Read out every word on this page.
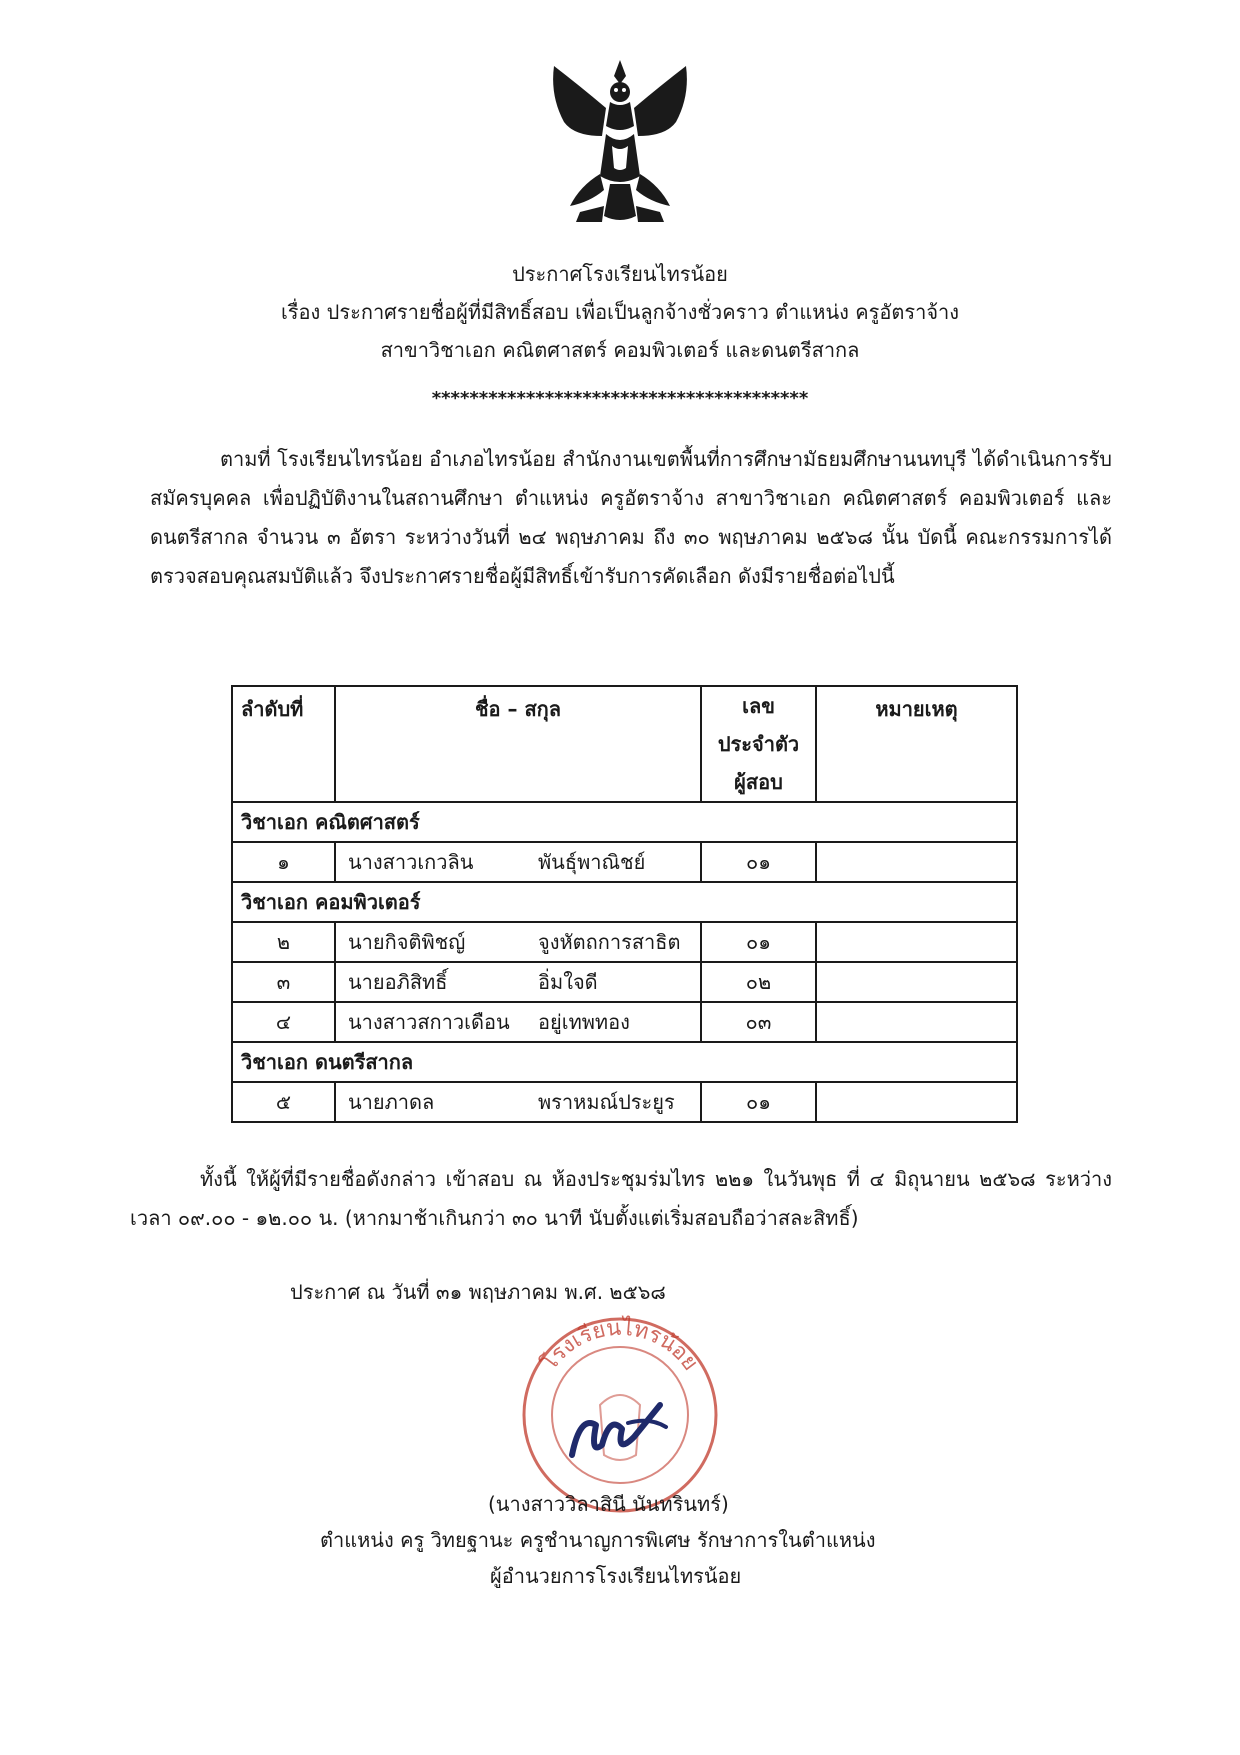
ประกาศโรงเรียนไทรน้อย
เรื่อง ประกาศรายชื่อผู้ที่มีสิทธิ์สอบ เพื่อเป็นลูกจ้างชั่วคราว ตำแหน่ง ครูอัตราจ้าง
สาขาวิชาเอก คณิตศาสตร์ คอมพิวเตอร์ และดนตรีสากล
****************************************
ตามที่ โรงเรียนไทรน้อย อำเภอไทรน้อย สำนักงานเขตพื้นที่การศึกษามัธยมศึกษานนทบุรี ได้ดำเนินการรับสมัครบุคคล เพื่อปฏิบัติงานในสถานศึกษา ตำแหน่ง ครูอัตราจ้าง สาขาวิชาเอก คณิตศาสตร์ คอมพิวเตอร์ และดนตรีสากล จำนวน ๓ อัตรา ระหว่างวันที่ ๒๔ พฤษภาคม ถึง ๓๐ พฤษภาคม ๒๕๖๘ นั้น บัดนี้ คณะกรรมการได้ตรวจสอบคุณสมบัติแล้ว จึงประกาศรายชื่อผู้มีสิทธิ์เข้ารับการคัดเลือก ดังมีรายชื่อต่อไปนี้
ลำดับที่	ชื่อ – สกุล	เลข
ประจำตัว
ผู้สอบ	หมายเหตุ
วิชาเอก คณิตศาสตร์			
๑	นางสาวเกวลิน พันธุ์พาณิชย์	๐๑	
วิชาเอก คอมพิวเตอร์			
๒	นายกิจติพิชญ์ จูงหัตถการสาธิต	๐๑	
๓	นายอภิสิทธิ์ อิ่มใจดี	๐๒	
๔	นางสาวสกาวเดือน อยู่เทพทอง	๐๓	
วิชาเอก ดนตรีสากล			
๕	นายภาดล พราหมณ์ประยูร	๐๑	
ทั้งนี้ ให้ผู้ที่มีรายชื่อดังกล่าว เข้าสอบ ณ ห้องประชุมร่มไทร ๒๒๑ ในวันพุธ ที่ ๔ มิถุนายน ๒๕๖๘ ระหว่างเวลา ๐๙.๐๐ - ๑๒.๐๐ น. (หากมาช้าเกินกว่า ๓๐ นาที นับตั้งแต่เริ่มสอบถือว่าสละสิทธิ์)
ประกาศ ณ วันที่ ๓๑ พฤษภาคม พ.ศ. ๒๕๖๘
โรงเรียนไทรน้อย
(นางสาววิลาสินี นันทรินทร์)
ตำแหน่ง ครู วิทยฐานะ ครูชำนาญการพิเศษ รักษาการในตำแหน่ง
ผู้อำนวยการโรงเรียนไทรน้อย
